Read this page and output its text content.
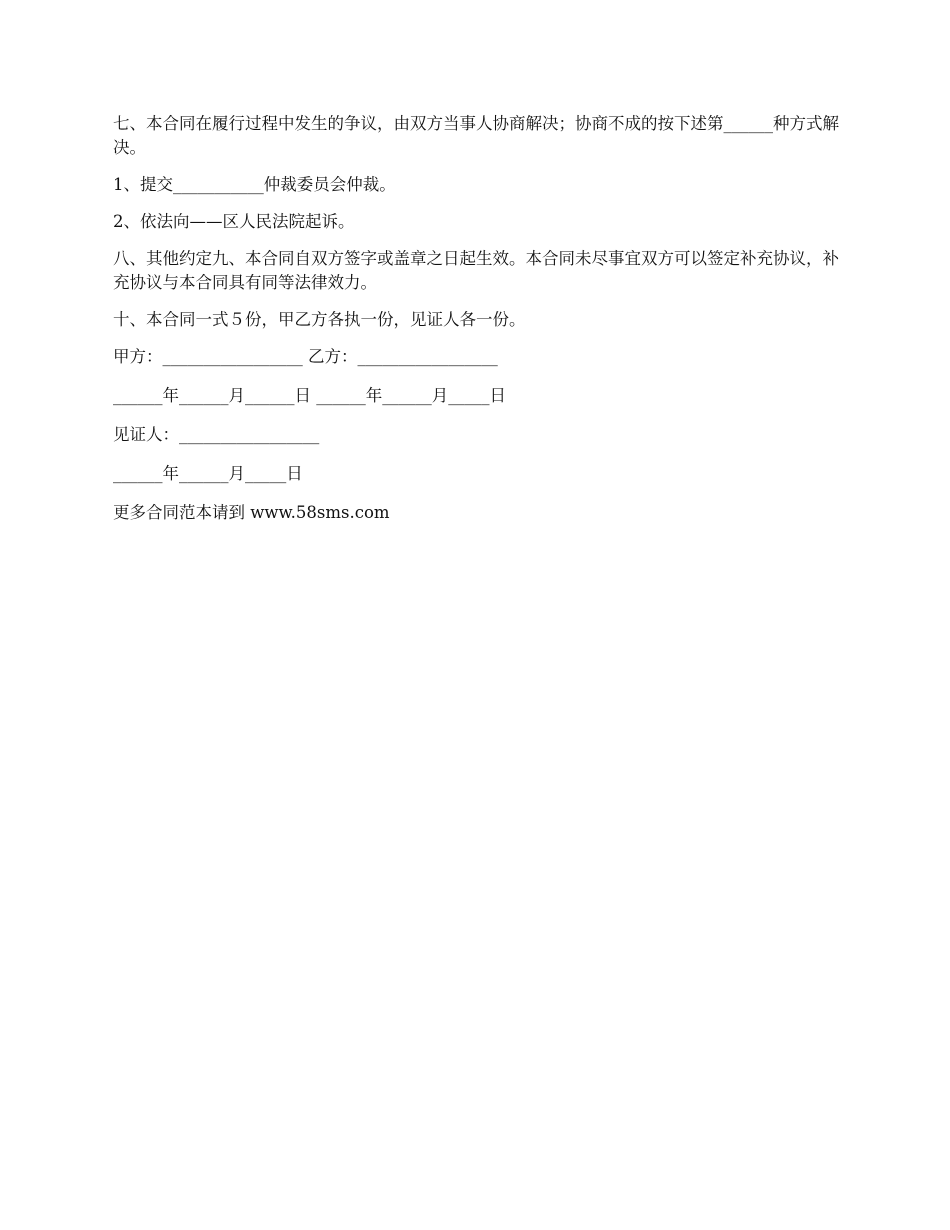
七、本合同在履行过程中发生的争议，由双方当事人协商解决；协商不成的按下述第______种方式解决。

1、提交___________仲裁委员会仲裁。

2、依法向——区人民法院起诉。

八、其他约定九、本合同自双方签字或盖章之日起生效。本合同未尽事宜双方可以签定补充协议，补充协议与本合同具有同等法律效力。

十、本合同一式５份，甲乙方各执一份，见证人各一份。

甲方：_________________ 乙方：_________________

______年______月______日 ______年______月_____日

见证人：_________________

______年______月_____日

更多合同范本请到 www.58sms.com
